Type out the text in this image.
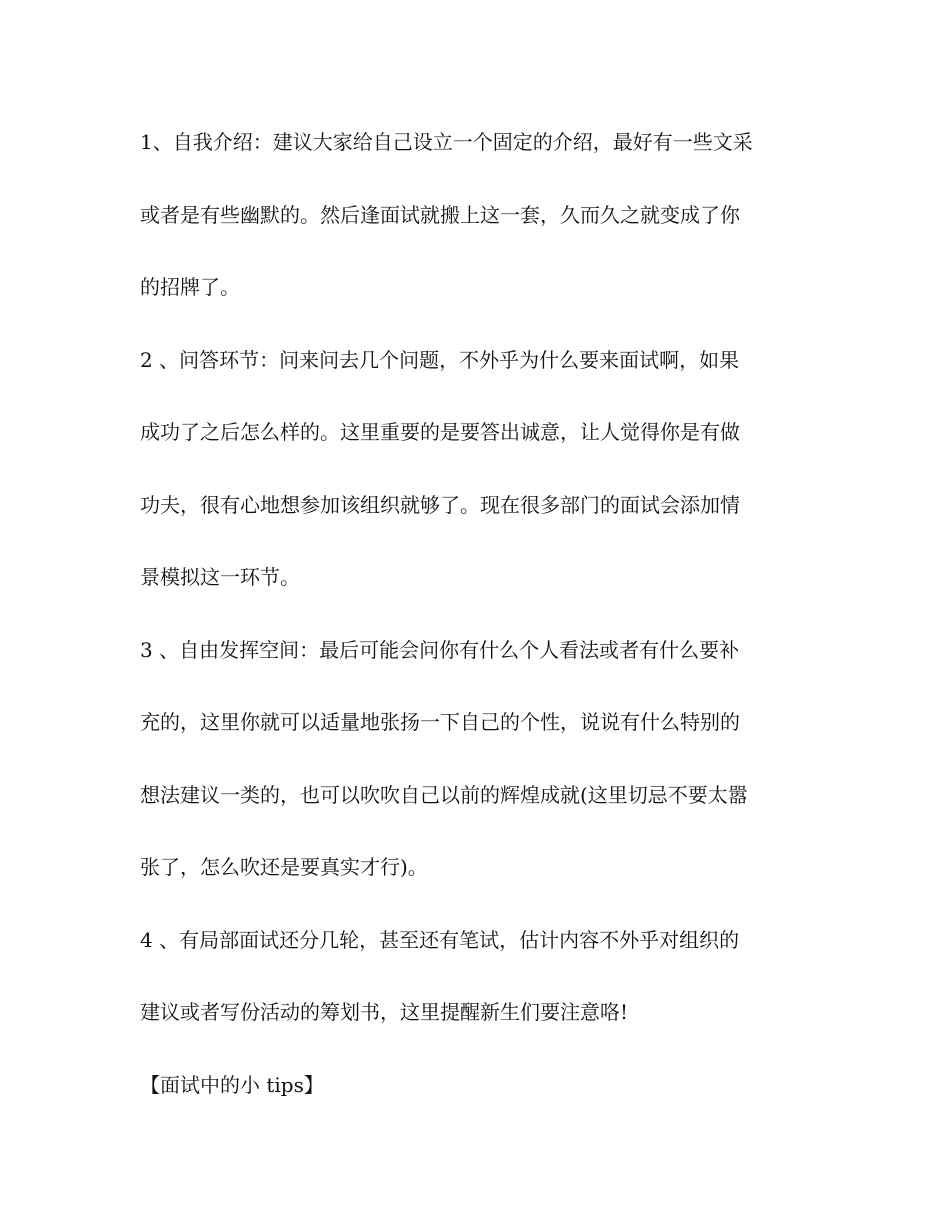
1、自我介绍：建议大家给自己设立一个固定的介绍，最好有一些文采
或者是有些幽默的。然后逢面试就搬上这一套，久而久之就变成了你
的招牌了。
2 、问答环节：问来问去几个问题，不外乎为什么要来面试啊，如果
成功了之后怎么样的。这里重要的是要答出诚意，让人觉得你是有做
功夫，很有心地想参加该组织就够了。现在很多部门的面试会添加情
景模拟这一环节。
3 、自由发挥空间：最后可能会问你有什么个人看法或者有什么要补
充的，这里你就可以适量地张扬一下自己的个性，说说有什么特别的
想法建议一类的，也可以吹吹自己以前的辉煌成就(这里切忌不要太嚣
张了，怎么吹还是要真实才行)。
4 、有局部面试还分几轮，甚至还有笔试，估计内容不外乎对组织的
建议或者写份活动的筹划书，这里提醒新生们要注意咯!
【面试中的小 tips】
